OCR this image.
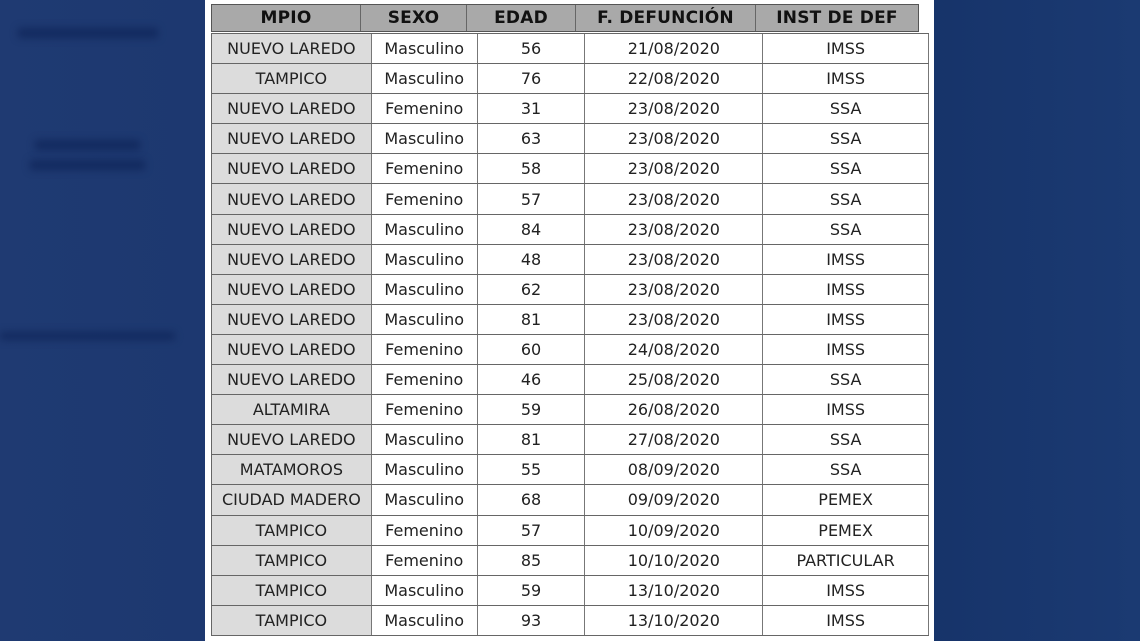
MPIO	SEXO	EDAD	F. DEFUNCIÓN	INST DE DEF
NUEVO LAREDO	Masculino	56	21/08/2020	IMSS
TAMPICO	Masculino	76	22/08/2020	IMSS
NUEVO LAREDO	Femenino	31	23/08/2020	SSA
NUEVO LAREDO	Masculino	63	23/08/2020	SSA
NUEVO LAREDO	Femenino	58	23/08/2020	SSA
NUEVO LAREDO	Femenino	57	23/08/2020	SSA
NUEVO LAREDO	Masculino	84	23/08/2020	SSA
NUEVO LAREDO	Masculino	48	23/08/2020	IMSS
NUEVO LAREDO	Masculino	62	23/08/2020	IMSS
NUEVO LAREDO	Masculino	81	23/08/2020	IMSS
NUEVO LAREDO	Femenino	60	24/08/2020	IMSS
NUEVO LAREDO	Femenino	46	25/08/2020	SSA
ALTAMIRA	Femenino	59	26/08/2020	IMSS
NUEVO LAREDO	Masculino	81	27/08/2020	SSA
MATAMOROS	Masculino	55	08/09/2020	SSA
CIUDAD MADERO	Masculino	68	09/09/2020	PEMEX
TAMPICO	Femenino	57	10/09/2020	PEMEX
TAMPICO	Femenino	85	10/10/2020	PARTICULAR
TAMPICO	Masculino	59	13/10/2020	IMSS
TAMPICO	Masculino	93	13/10/2020	IMSS
